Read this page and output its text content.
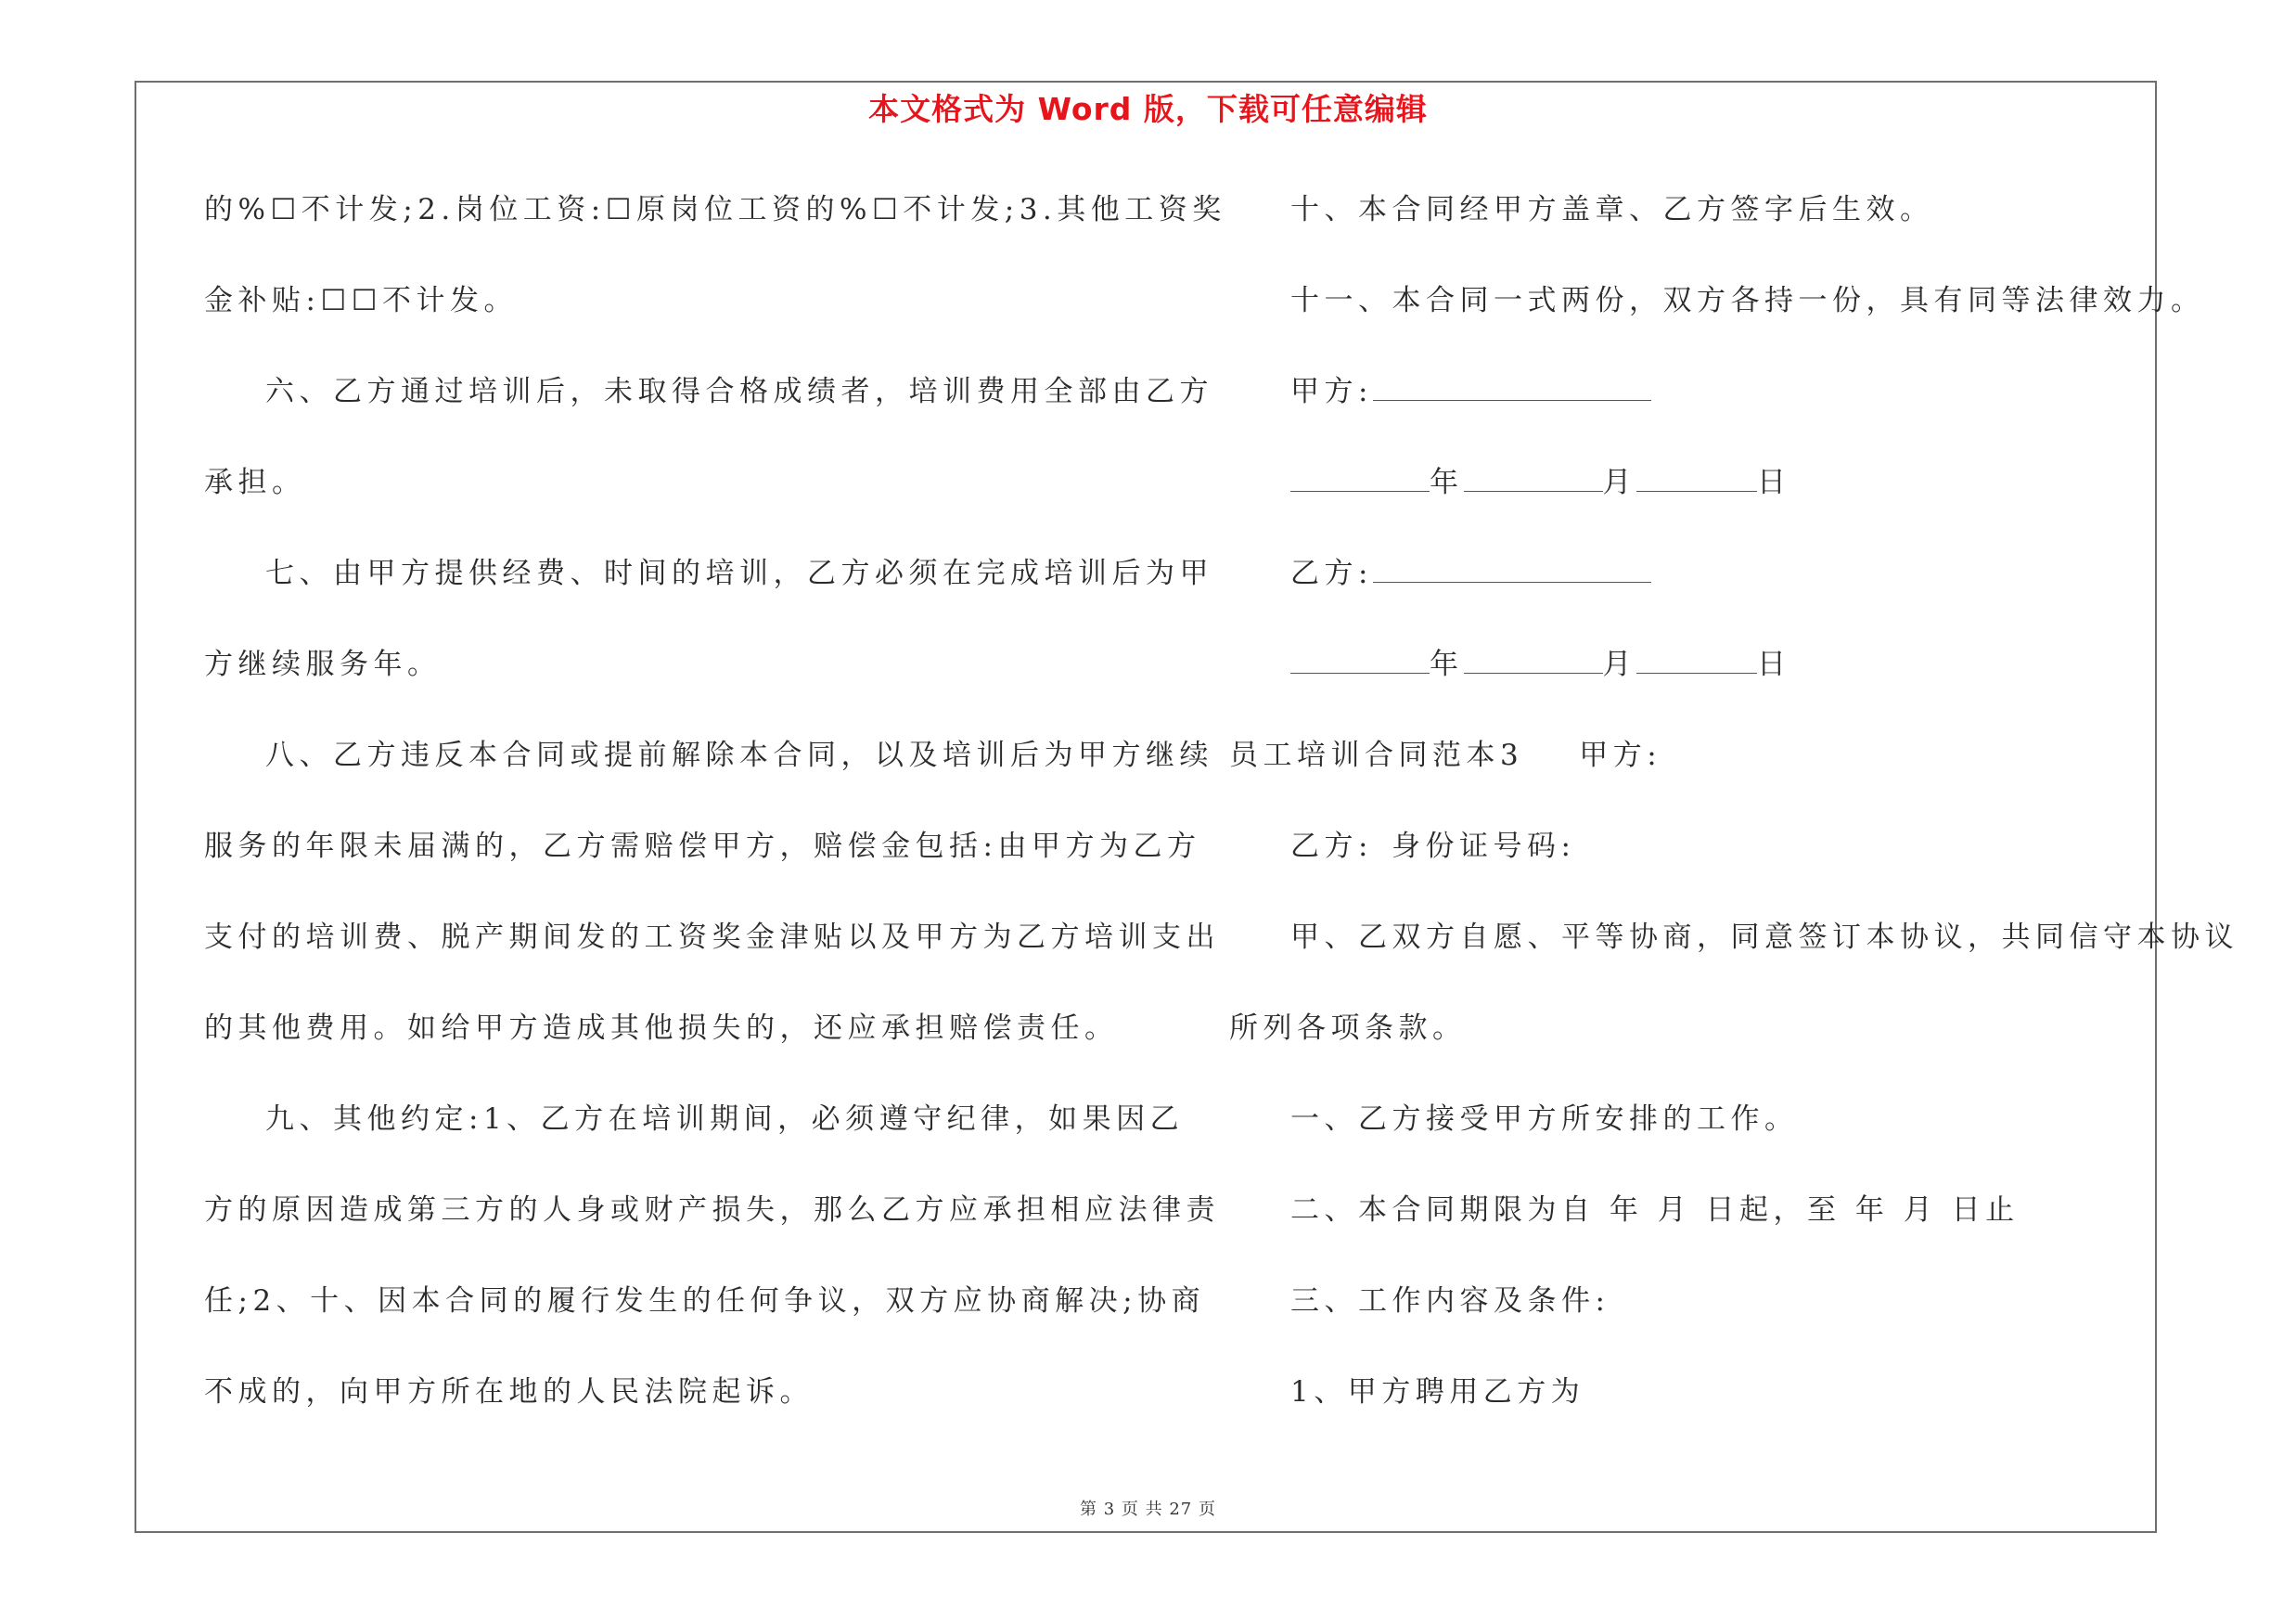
本文格式为 Word 版，下载可任意编辑
的%☐不计发;2.岗位工资:☐原岗位工资的%☐不计发;3.其他工资奖
金补贴:☐☐不计发。
六、乙方通过培训后，未取得合格成绩者，培训费用全部由乙方
承担。
七、由甲方提供经费、时间的培训，乙方必须在完成培训后为甲
方继续服务年。
八、乙方违反本合同或提前解除本合同，以及培训后为甲方继续
服务的年限未届满的，乙方需赔偿甲方，赔偿金包括:由甲方为乙方
支付的培训费、脱产期间发的工资奖金津贴以及甲方为乙方培训支出
的其他费用。如给甲方造成其他损失的，还应承担赔偿责任。
九、其他约定:1、乙方在培训期间，必须遵守纪律，如果因乙
方的原因造成第三方的人身或财产损失，那么乙方应承担相应法律责
任;2、十、因本合同的履行发生的任何争议，双方应协商解决;协商
不成的，向甲方所在地的人民法院起诉。
十、本合同经甲方盖章、乙方签字后生效。
十一、本合同一式两份，双方各持一份，具有同等法律效力。
甲方:
年	月	日
乙方:
年	月	日
员工培训合同范本3 甲方:
乙方: 身份证号码:
甲、乙双方自愿、平等协商，同意签订本协议，共同信守本协议
所列各项条款。
一、乙方接受甲方所安排的工作。
二、本合同期限为自 年 月 日起，至 年 月 日止
三、工作内容及条件:
1、甲方聘用乙方为
第 3 页 共 27 页
